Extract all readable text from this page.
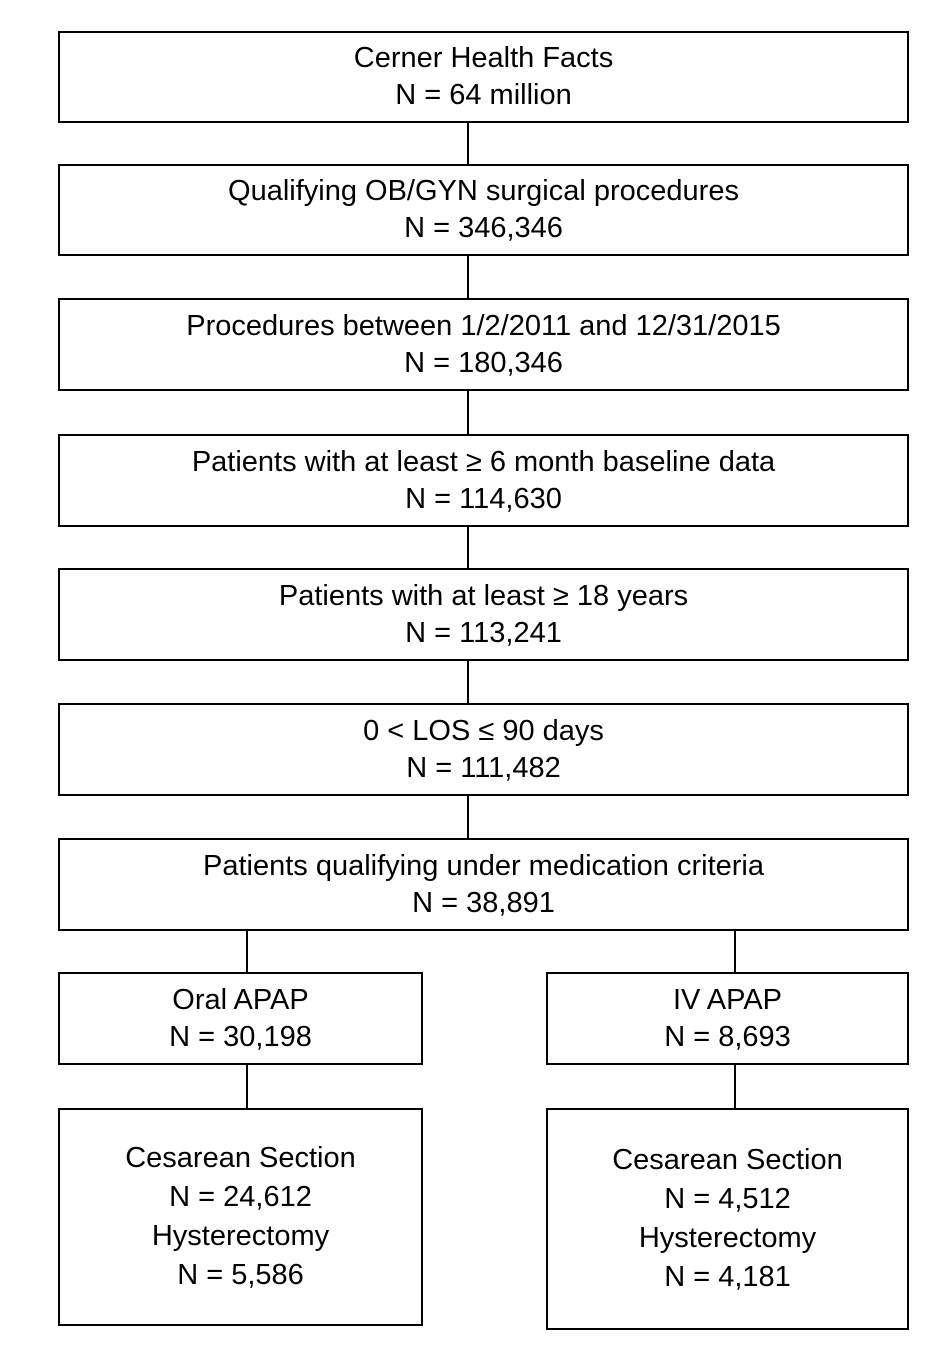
Cerner Health Facts
N = 64 million
Qualifying OB/GYN surgical procedures
N = 346,346
Procedures between 1/2/2011 and 12/31/2015
N = 180,346
Patients with at least ≥ 6 month baseline data
N = 114,630
Patients with at least ≥ 18 years
N = 113,241
0 < LOS ≤ 90 days
N = 111,482
Patients qualifying under medication criteria
N = 38,891
Oral APAP
N = 30,198
IV APAP
N = 8,693
Cesarean Section
N = 24,612
Hysterectomy
N = 5,586
Cesarean Section
N = 4,512
Hysterectomy
N = 4,181
